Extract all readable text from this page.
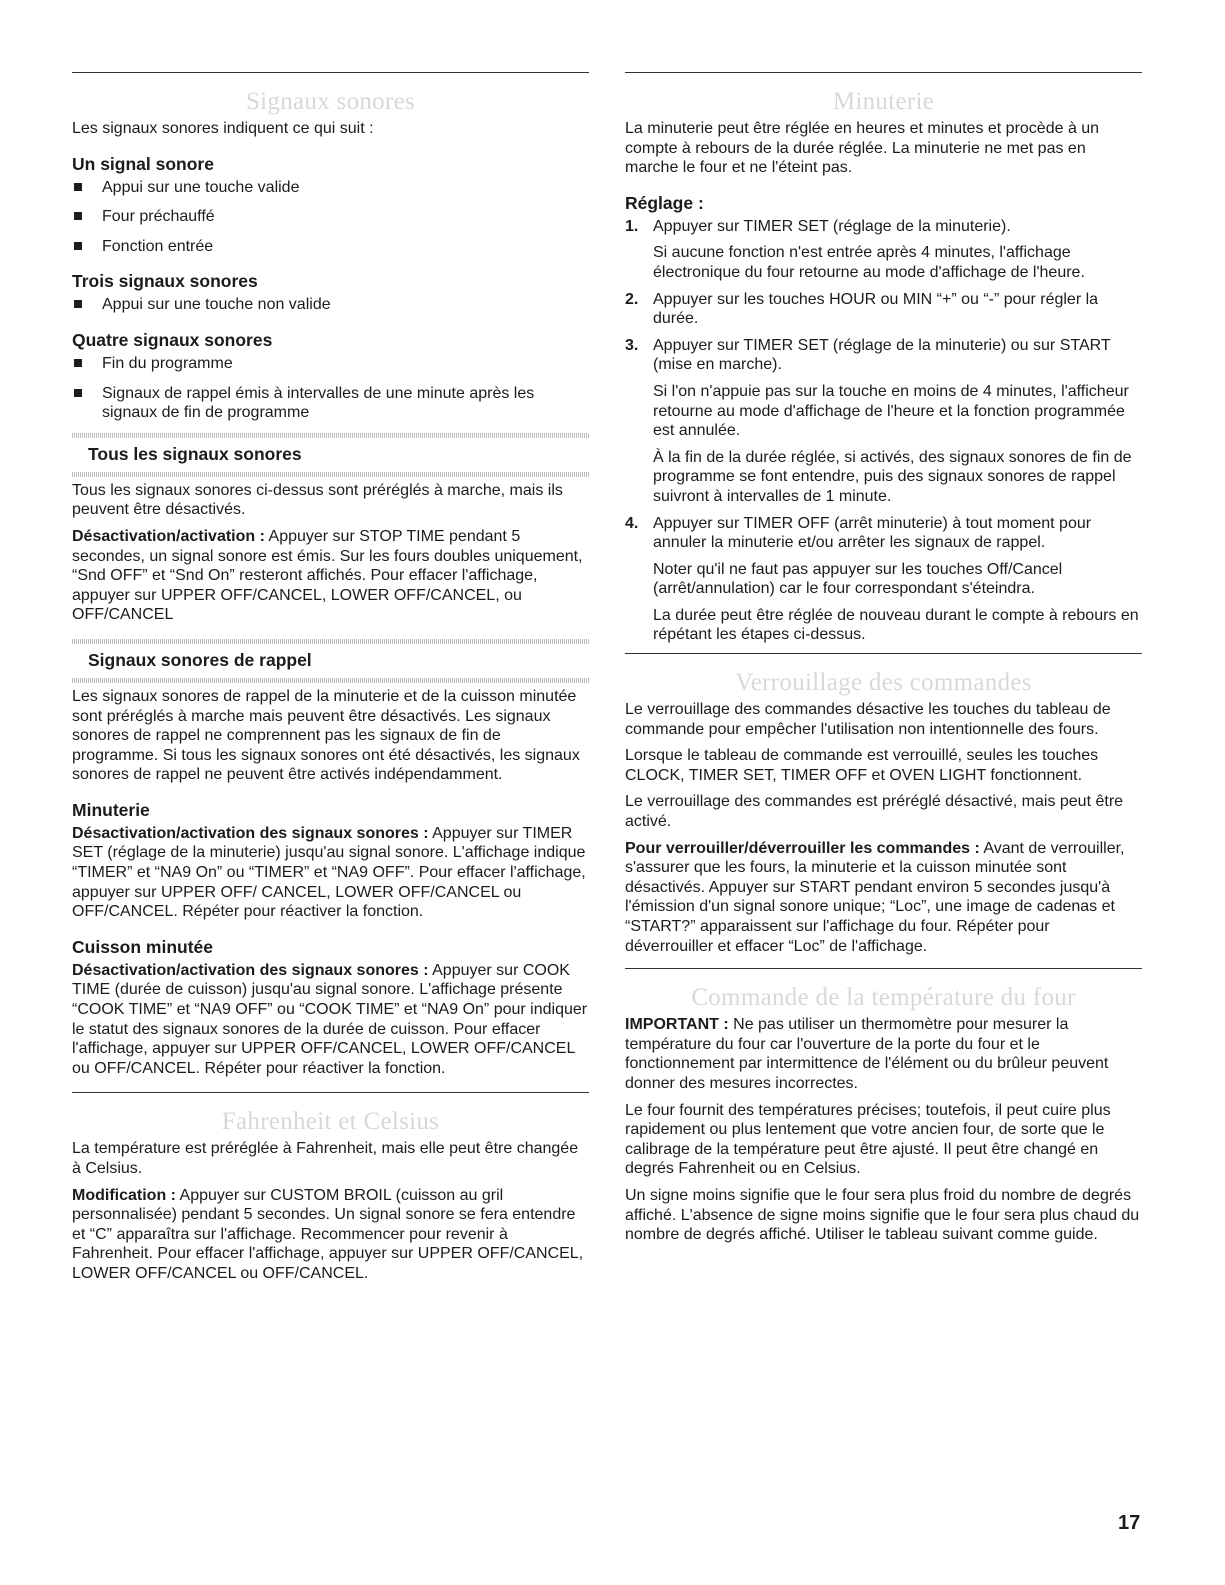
Signaux sonores

Les signaux sonores indiquent ce qui suit :

Un signal sonore
Appui sur une touche valide
Four préchauffé
Fonction entrée
Trois signaux sonores
Appui sur une touche non valide
Quatre signaux sonores
Fin du programme
Signaux de rappel émis à intervalles de une minute après les signaux de fin de programme
Tous les signaux sonores

Tous les signaux sonores ci-dessus sont préréglés à marche, mais ils peuvent être désactivés.

Désactivation/activation : Appuyer sur STOP TIME pendant 5 secondes, un signal sonore est émis. Sur les fours doubles uniquement, “Snd OFF” et “Snd On” resteront affichés. Pour effacer l'affichage, appuyer sur UPPER OFF/CANCEL, LOWER OFF/CANCEL, ou OFF/CANCEL

Signaux sonores de rappel

Les signaux sonores de rappel de la minuterie et de la cuisson minutée sont préréglés à marche mais peuvent être désactivés. Les signaux sonores de rappel ne comprennent pas les signaux de fin de programme. Si tous les signaux sonores ont été désactivés, les signaux sonores de rappel ne peuvent être activés indépendamment.

Minuterie

Désactivation/activation des signaux sonores : Appuyer sur TIMER SET (réglage de la minuterie) jusqu'au signal sonore. L'affichage indique “TIMER” et “NA9 On” ou “TIMER” et “NA9 OFF”. Pour effacer l'affichage, appuyer sur UPPER OFF/ CANCEL, LOWER OFF/CANCEL ou OFF/CANCEL. Répéter pour réactiver la fonction.

Cuisson minutée

Désactivation/activation des signaux sonores : Appuyer sur COOK TIME (durée de cuisson) jusqu'au signal sonore. L'affichage présente “COOK TIME” et “NA9 OFF” ou “COOK TIME” et “NA9 On” pour indiquer le statut des signaux sonores de la durée de cuisson. Pour effacer l'affichage, appuyer sur UPPER OFF/CANCEL, LOWER OFF/CANCEL ou OFF/CANCEL. Répéter pour réactiver la fonction.

Fahrenheit et Celsius

La température est préréglée à Fahrenheit, mais elle peut être changée à Celsius.

Modification : Appuyer sur CUSTOM BROIL (cuisson au gril personnalisée) pendant 5 secondes. Un signal sonore se fera entendre et “C” apparaîtra sur l'affichage. Recommencer pour revenir à Fahrenheit. Pour effacer l'affichage, appuyer sur UPPER OFF/CANCEL, LOWER OFF/CANCEL ou OFF/CANCEL.

Minuterie

La minuterie peut être réglée en heures et minutes et procède à un compte à rebours de la durée réglée. La minuterie ne met pas en marche le four et ne l'éteint pas.

Réglage :
1. Appuyer sur TIMER SET (réglage de la minuterie).

Si aucune fonction n'est entrée après 4 minutes, l'affichage électronique du four retourne au mode d'affichage de l'heure.

2. Appuyer sur les touches HOUR ou MIN “+” ou “-” pour régler la durée.

3. Appuyer sur TIMER SET (réglage de la minuterie) ou sur START (mise en marche).

Si l'on n'appuie pas sur la touche en moins de 4 minutes, l'afficheur retourne au mode d'affichage de l'heure et la fonction programmée est annulée.

À la fin de la durée réglée, si activés, des signaux sonores de fin de programme se font entendre, puis des signaux sonores de rappel suivront à intervalles de 1 minute.

4. Appuyer sur TIMER OFF (arrêt minuterie) à tout moment pour annuler la minuterie et/ou arrêter les signaux de rappel.

Noter qu'il ne faut pas appuyer sur les touches Off/Cancel (arrêt/annulation) car le four correspondant s'éteindra.

La durée peut être réglée de nouveau durant le compte à rebours en répétant les étapes ci-dessus.

Verrouillage des commandes

Le verrouillage des commandes désactive les touches du tableau de commande pour empêcher l'utilisation non intentionnelle des fours.

Lorsque le tableau de commande est verrouillé, seules les touches CLOCK, TIMER SET, TIMER OFF et OVEN LIGHT fonctionnent.

Le verrouillage des commandes est préréglé désactivé, mais peut être activé.

Pour verrouiller/déverrouiller les commandes : Avant de verrouiller, s'assurer que les fours, la minuterie et la cuisson minutée sont désactivés. Appuyer sur START pendant environ 5 secondes jusqu'à l'émission d'un signal sonore unique; “Loc”, une image de cadenas et “START?” apparaissent sur l'affichage du four. Répéter pour déverrouiller et effacer “Loc” de l'affichage.

Commande de la température du four

IMPORTANT : Ne pas utiliser un thermomètre pour mesurer la température du four car l'ouverture de la porte du four et le fonctionnement par intermittence de l'élément ou du brûleur peuvent donner des mesures incorrectes.

Le four fournit des températures précises; toutefois, il peut cuire plus rapidement ou plus lentement que votre ancien four, de sorte que le calibrage de la température peut être ajusté. Il peut être changé en degrés Fahrenheit ou en Celsius.

Un signe moins signifie que le four sera plus froid du nombre de degrés affiché. L'absence de signe moins signifie que le four sera plus chaud du nombre de degrés affiché. Utiliser le tableau suivant comme guide.

17
